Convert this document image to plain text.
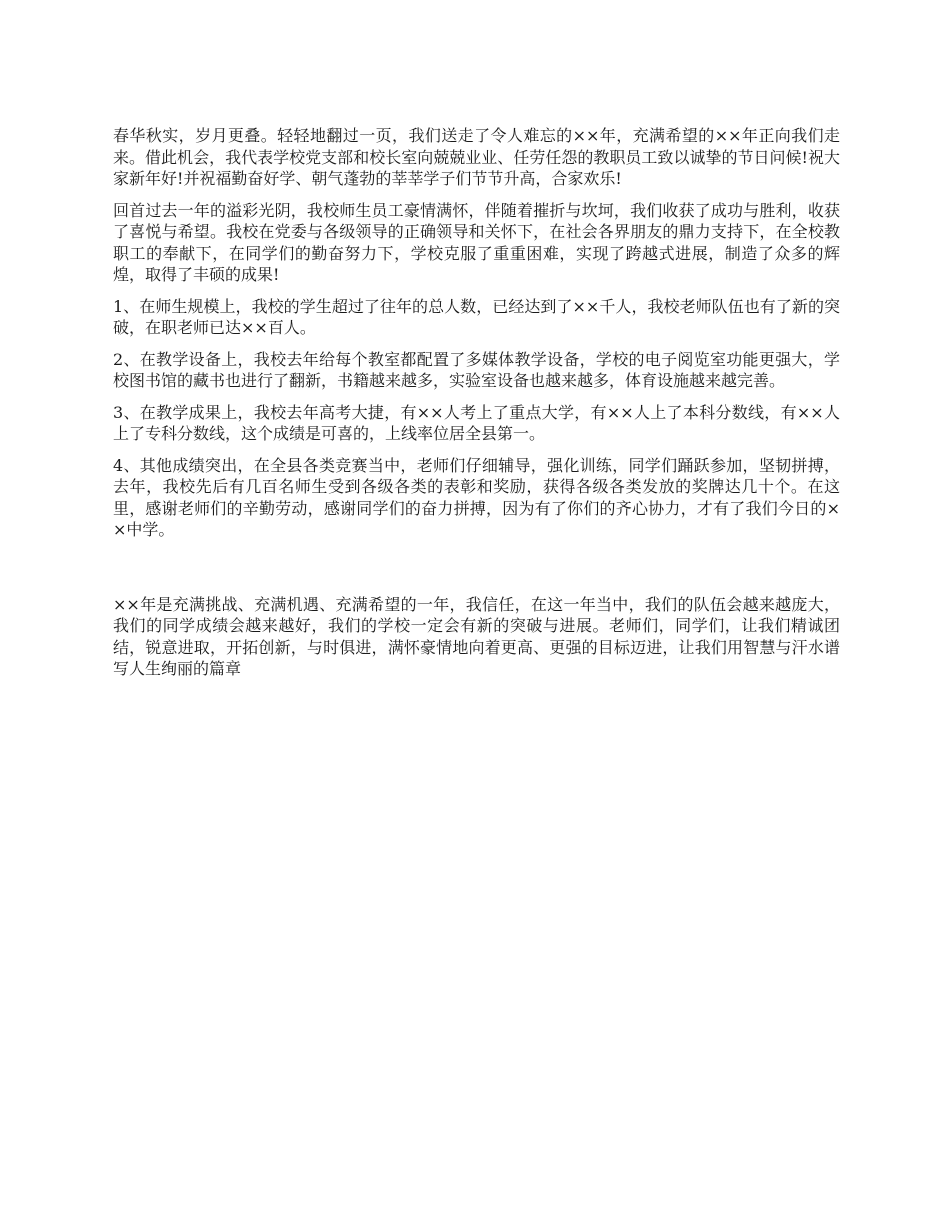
春华秋实，岁月更叠。轻轻地翻过一页，我们送走了令人难忘的××年，充满希望的××年正向我们走来。借此机会，我代表学校党支部和校长室向兢兢业业、任劳任怨的教职员工致以诚挚的节日问候!祝大家新年好!并祝福勤奋好学、朝气蓬勃的莘莘学子们节节升高，合家欢乐!

回首过去一年的溢彩光阴，我校师生员工豪情满怀，伴随着摧折与坎坷，我们收获了成功与胜利，收获了喜悦与希望。我校在党委与各级领导的正确领导和关怀下，在社会各界朋友的鼎力支持下，在全校教职工的奉献下，在同学们的勤奋努力下，学校克服了重重困难，实现了跨越式进展，制造了众多的辉煌，取得了丰硕的成果!

1、在师生规模上，我校的学生超过了往年的总人数，已经达到了××千人，我校老师队伍也有了新的突破，在职老师已达××百人。

2、在教学设备上，我校去年给每个教室都配置了多媒体教学设备，学校的电子阅览室功能更强大，学校图书馆的藏书也进行了翻新，书籍越来越多，实验室设备也越来越多，体育设施越来越完善。

3、在教学成果上，我校去年高考大捷，有××人考上了重点大学，有××人上了本科分数线，有××人上了专科分数线，这个成绩是可喜的，上线率位居全县第一。

4、其他成绩突出，在全县各类竞赛当中，老师们仔细辅导，强化训练，同学们踊跃参加，坚韧拼搏，去年，我校先后有几百名师生受到各级各类的表彰和奖励，获得各级各类发放的奖牌达几十个。在这里，感谢老师们的辛勤劳动，感谢同学们的奋力拼搏，因为有了你们的齐心协力，才有了我们今日的××中学。

××年是充满挑战、充满机遇、充满希望的一年，我信任，在这一年当中，我们的队伍会越来越庞大，我们的同学成绩会越来越好，我们的学校一定会有新的突破与进展。老师们，同学们，让我们精诚团结，锐意进取，开拓创新，与时俱进，满怀豪情地向着更高、更强的目标迈进，让我们用智慧与汗水谱写人生绚丽的篇章
